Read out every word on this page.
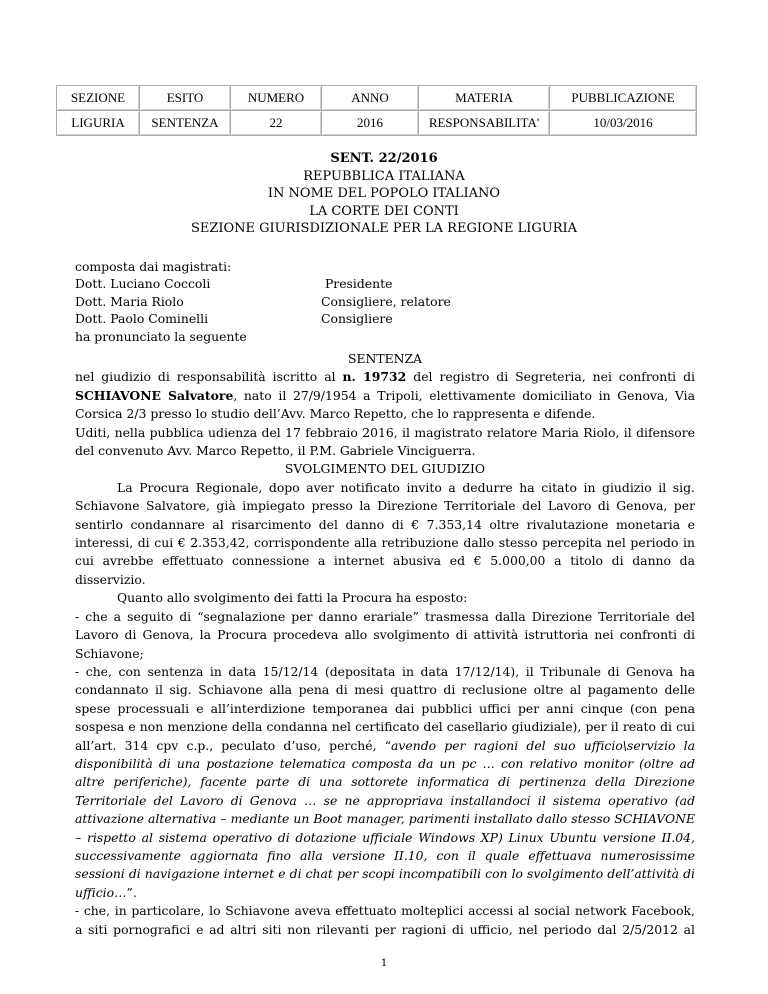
SEZIONE	ESITO	NUMERO	ANNO	MATERIA	PUBBLICAZIONE
LIGURIA	SENTENZA	22	2016	RESPONSABILITA'	10/03/2016
SENT. 22/2016
REPUBBLICA ITALIANA
IN NOME DEL POPOLO ITALIANO
LA CORTE DEI CONTI
SEZIONE GIURISDIZIONALE PER LA REGIONE LIGURIA
composta dai magistrati:
Dott. Luciano Coccoli	Presidente
Dott. Maria Riolo	Consigliere, relatore
Dott. Paolo Cominelli	Consigliere
ha pronunciato la seguente

SENTENZA

nel giudizio di responsabilità iscritto al n. 19732 del registro di Segreteria, nei confronti di SCHIAVONE Salvatore, nato il 27/9/1954 a Tripoli, elettivamente domiciliato in Genova, Via Corsica 2/3 presso lo studio dell’Avv. Marco Repetto, che lo rappresenta e difende.

Uditi, nella pubblica udienza del 17 febbraio 2016, il magistrato relatore Maria Riolo, il difensore del convenuto Avv. Marco Repetto, il P.M. Gabriele Vinciguerra.

SVOLGIMENTO DEL GIUDIZIO

La Procura Regionale, dopo aver notificato invito a dedurre ha citato in giudizio il sig. Schiavone Salvatore, già impiegato presso la Direzione Territoriale del Lavoro di Genova, per sentirlo condannare al risarcimento del danno di € 7.353,14 oltre rivalutazione monetaria e interessi, di cui € 2.353,42, corrispondente alla retribuzione dallo stesso percepita nel periodo in cui avrebbe effettuato connessione a internet abusiva ed € 5.000,00 a titolo di danno da disservizio.

Quanto allo svolgimento dei fatti la Procura ha esposto:

- che a seguito di “segnalazione per danno erariale” trasmessa dalla Direzione Territoriale del Lavoro di Genova, la Procura procedeva allo svolgimento di attività istruttoria nei confronti di Schiavone;

- che, con sentenza in data 15/12/14 (depositata in data 17/12/14), il Tribunale di Genova ha condannato il sig. Schiavone alla pena di mesi quattro di reclusione oltre al pagamento delle spese processuali e all’interdizione temporanea dai pubblici uffici per anni cinque (con pena sospesa e non menzione della condanna nel certificato del casellario giudiziale), per il reato di cui all’art. 314 cpv c.p., peculato d’uso, perché, “avendo per ragioni del suo ufficio\servizio la disponibilità di una postazione telematica composta da un pc … con relativo monitor (oltre ad altre periferiche), facente parte di una sottorete informatica di pertinenza della Direzione Territoriale del Lavoro di Genova … se ne appropriava installandoci il sistema operativo (ad attivazione alternativa – mediante un Boot manager, parimenti installato dallo stesso SCHIAVONE – rispetto al sistema operativo di dotazione ufficiale Windows XP) Linux Ubuntu versione II.04, successivamente aggiornata fino alla versione II.10, con il quale effettuava numerosissime sessioni di navigazione internet e di chat per scopi incompatibili con lo svolgimento dell’attività di ufficio…”.

- che, in particolare, lo Schiavone aveva effettuato molteplici accessi al social network Facebook, a siti pornografici e ad altri siti non rilevanti per ragioni di ufficio, nel periodo dal 2/5/2012 al

1
